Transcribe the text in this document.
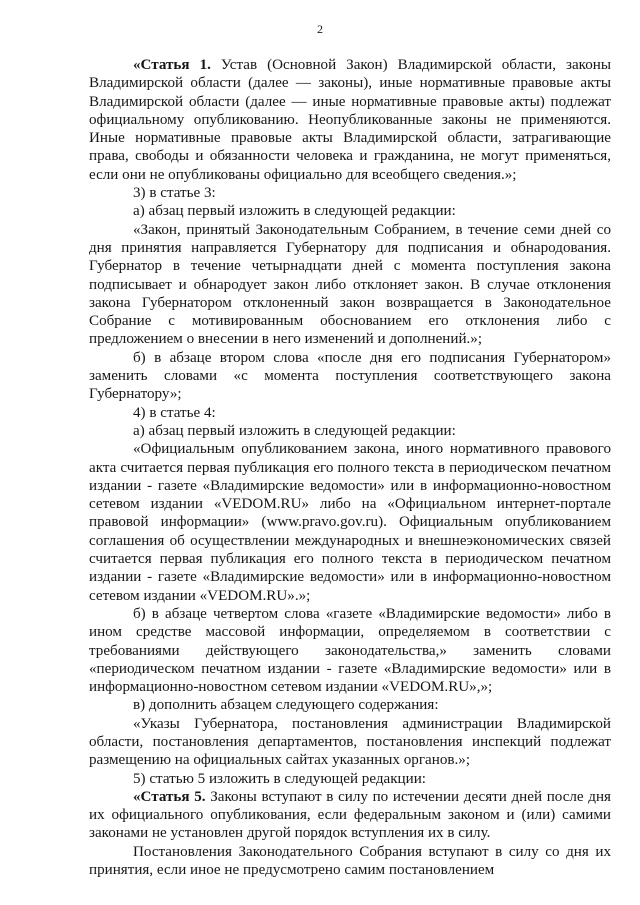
2

«Статья 1. Устав (Основной Закон) Владимирской области, законы Владимирской области (далее — законы), иные нормативные правовые акты Владимирской области (далее — иные нормативные правовые акты) подлежат официальному опубликованию. Неопубликованные законы не применяются. Иные нормативные правовые акты Владимирской области, затрагивающие права, свободы и обязанности человека и гражданина, не могут применяться, если они не опубликованы официально для всеобщего сведения.»;

3) в статье 3:

а) абзац первый изложить в следующей редакции:

«Закон, принятый Законодательным Собранием, в течение семи дней со дня принятия направляется Губернатору для подписания и обнародования. Губернатор в течение четырнадцати дней с момента поступления закона подписывает и обнародует закон либо отклоняет закон. В случае отклонения закона Губернатором отклоненный закон возвращается в Законодательное Собрание с мотивированным обоснованием его отклонения либо с предложением о внесении в него изменений и дополнений.»;

б) в абзаце втором слова «после дня его подписания Губернатором» заменить словами «с момента поступления соответствующего закона Губернатору»;

4) в статье 4:

а) абзац первый изложить в следующей редакции:

«Официальным опубликованием закона, иного нормативного правового акта считается первая публикация его полного текста в периодическом печатном издании - газете «Владимирские ведомости» или в информационно-новостном сетевом издании «VEDOM.RU» либо на «Официальном интернет-портале правовой информации» (www.pravo.gov.ru). Официальным опубликованием соглашения об осуществлении международных и внешнеэкономических связей считается первая публикация его полного текста в периодическом печатном издании - газете «Владимирские ведомости» или в информационно-новостном сетевом издании «VEDOM.RU».»;

б) в абзаце четвертом слова «газете «Владимирские ведомости» либо в ином средстве массовой информации, определяемом в соответствии с требованиями действующего законодательства,» заменить словами «периодическом печатном издании - газете «Владимирские ведомости» или в информационно-новостном сетевом издании «VEDOM.RU»,»;

в) дополнить абзацем следующего содержания:

«Указы Губернатора, постановления администрации Владимирской области, постановления департаментов, постановления инспекций подлежат размещению на официальных сайтах указанных органов.»;

5) статью 5 изложить в следующей редакции:

«Статья 5. Законы вступают в силу по истечении десяти дней после дня их официального опубликования, если федеральным законом и (или) самими законами не установлен другой порядок вступления их в силу.

Постановления Законодательного Собрания вступают в силу со дня их принятия, если иное не предусмотрено самим постановлением
